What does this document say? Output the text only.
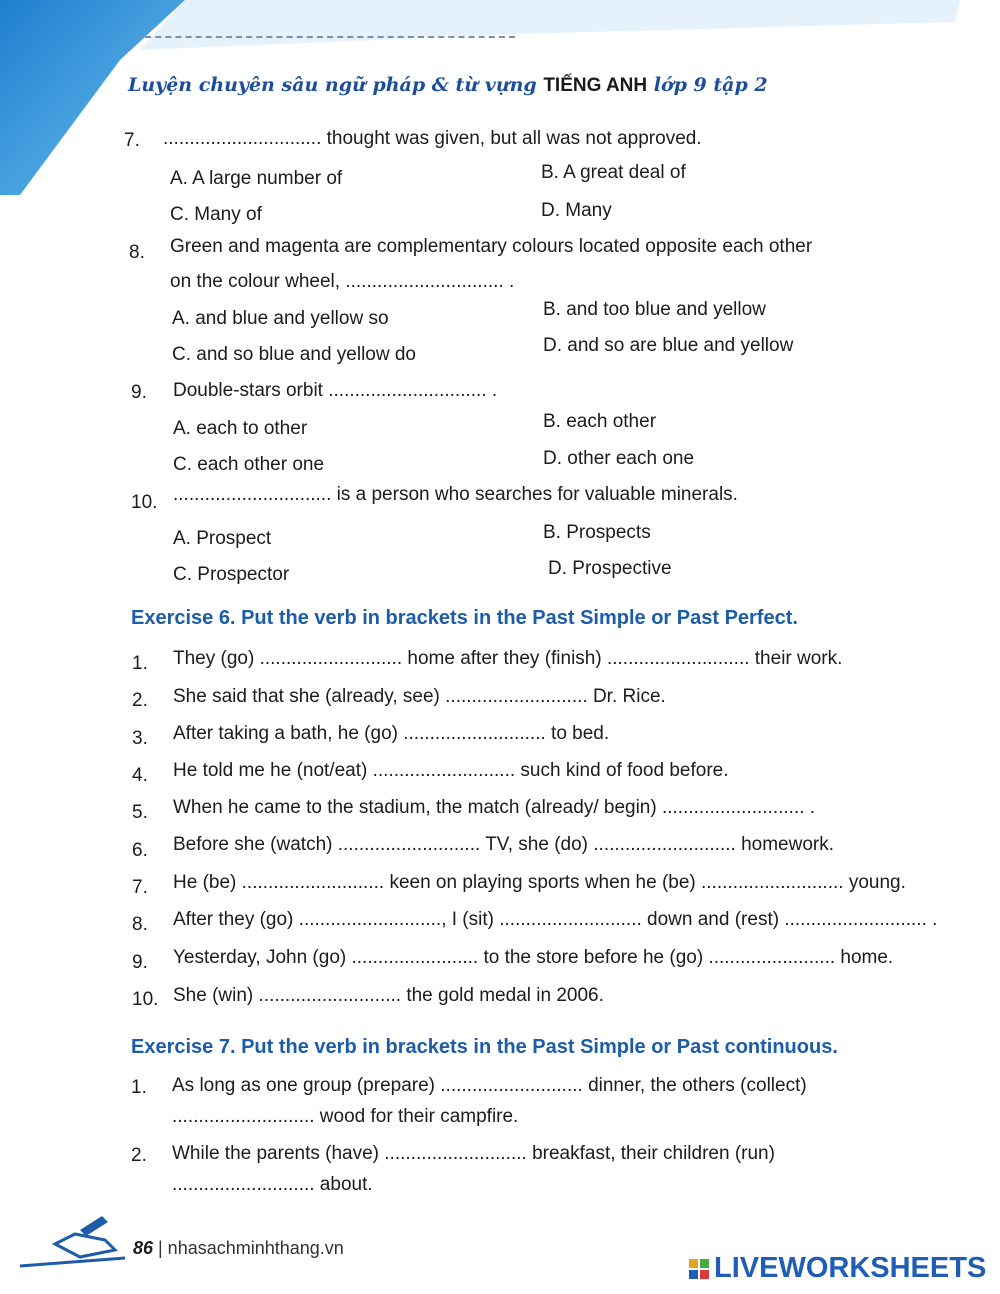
Luyện chuyên sâu ngữ pháp & từ vựng TIẾNG ANH lớp 9 tập 2
7. .............................. thought was given, but all was not approved.
A. A large number of	B. A great deal of
C. Many of	D. Many
8. Green and magenta are complementary colours located opposite each other
on the colour wheel, .............................. .
A. and blue and yellow so	B. and too blue and yellow
C. and so blue and yellow do	D. and so are blue and yellow
9. Double-stars orbit .............................. .
A. each to other	B. each other
C. each other one	D. other each one
10. .............................. is a person who searches for valuable minerals.
A. Prospect	B. Prospects
C. Prospector	D. Prospective
Exercise 6. Put the verb in brackets in the Past Simple or Past Perfect.
1. They (go) ........................... home after they (finish) ........................... their work.
2. She said that she (already, see) ........................... Dr. Rice.
3. After taking a bath, he (go) ........................... to bed.
4. He told me he (not/eat) ........................... such kind of food before.
5. When he came to the stadium, the match (already/ begin) ........................... .
6. Before she (watch) ........................... TV, she (do) ........................... homework.
7. He (be) ........................... keen on playing sports when he (be) ........................... young.
8. After they (go) ..........................., I (sit) ........................... down and (rest) ........................... .
9. Yesterday, John (go) ........................ to the store before he (go) ........................ home.
10. She (win) ........................... the gold medal in 2006.
Exercise 7. Put the verb in brackets in the Past Simple or Past continuous.
1. As long as one group (prepare) ........................... dinner, the others (collect)
........................... wood for their campfire.
2. While the parents (have) ........................... breakfast, their children (run)
........................... about.
86 | nhasachminhthang.vn
LIVEWORKSHEETS
